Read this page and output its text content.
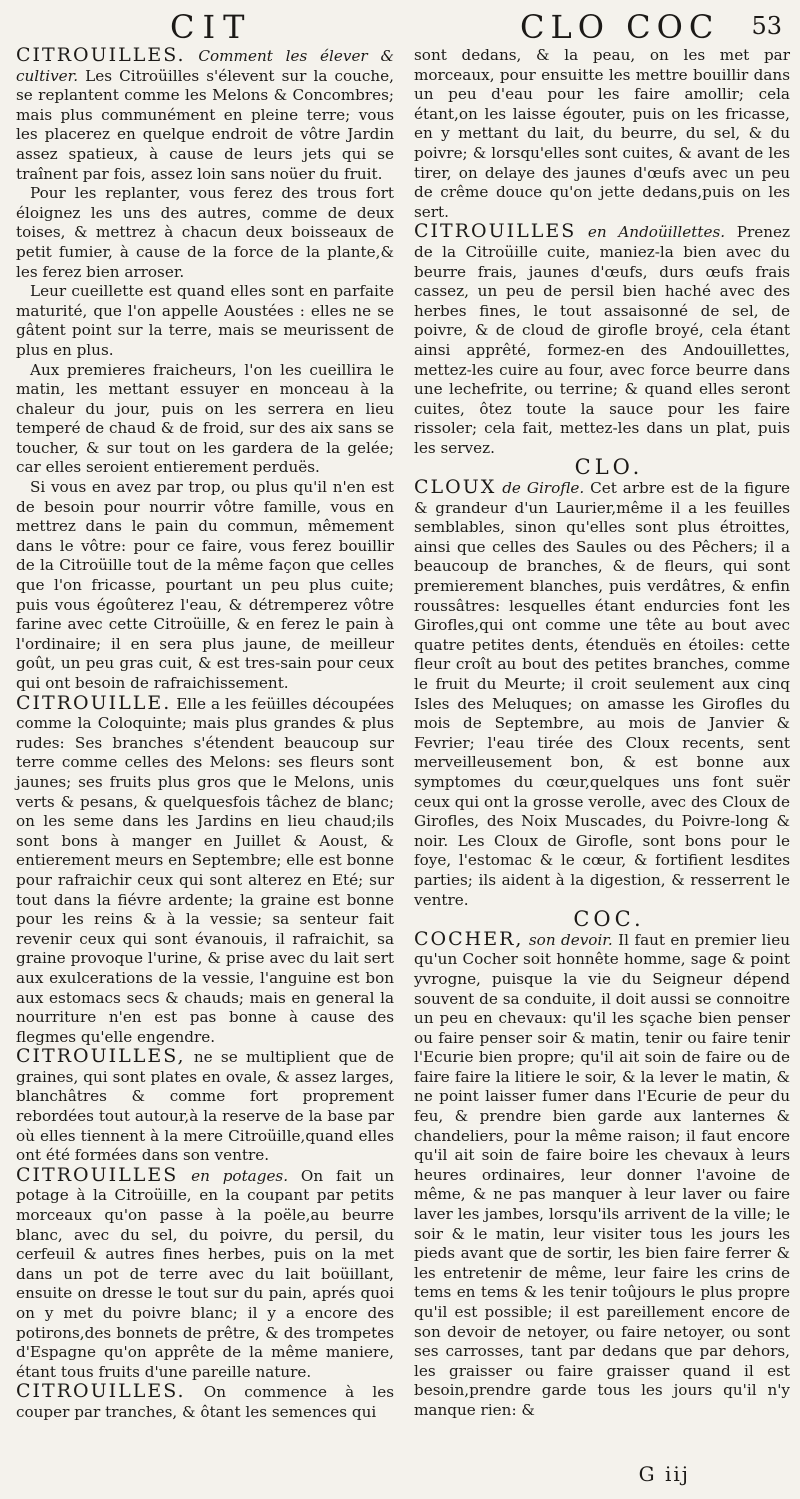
CIT	CLO COC 53

CITROUILLES. Comment les élever & cultiver. Les Citroüilles s'élevent sur la couche, se replantent comme les Melons & Concombres; mais plus communément en pleine terre; vous les placerez en quelque endroit de vôtre Jardin assez spatieux, à cause de leurs jets qui se traînent par fois, assez loin sans noüer du fruit.

Pour les replanter, vous ferez des trous fort éloignez les uns des autres, comme de deux toises, & mettrez à chacun deux boisseaux de petit fumier, à cause de la force de la plante,& les ferez bien arroser.

Leur cueillette est quand elles sont en parfaite maturité, que l'on appelle Aoustées : elles ne se gâtent point sur la terre, mais se meurissent de plus en plus.

Aux premieres fraicheurs, l'on les cueillira le matin, les mettant essuyer en monceau à la chaleur du jour, puis on les serrera en lieu temperé de chaud & de froid, sur des aix sans se toucher, & sur tout on les gardera de la gelée; car elles seroient entierement perduës.

Si vous en avez par trop, ou plus qu'il n'en est de besoin pour nourrir vôtre famille, vous en mettrez dans le pain du commun, mêmement dans le vôtre: pour ce faire, vous ferez bouillir de la Citroüille tout de la même façon que celles que l'on fricasse, pourtant un peu plus cuite; puis vous égoûterez l'eau, & détremperez vôtre farine avec cette Citroüille, & en ferez le pain à l'ordinaire; il en sera plus jaune, de meilleur goût, un peu gras cuit, & est tres-sain pour ceux qui ont besoin de rafraichissement.

CITROUILLE. Elle a les feüilles découpées comme la Coloquinte; mais plus grandes & plus rudes: Ses branches s'étendent beaucoup sur terre comme celles des Melons: ses fleurs sont jaunes; ses fruits plus gros que le Melons, unis verts & pesans, & quelquesfois tâchez de blanc; on les seme dans les Jardins en lieu chaud;ils sont bons à manger en Juillet & Aoust, & entierement meurs en Septembre; elle est bonne pour rafraichir ceux qui sont alterez en Eté; sur tout dans la fiévre ardente; la graine est bonne pour les reins & à la vessie; sa senteur fait revenir ceux qui sont évanouis, il rafraichit, sa graine provoque l'urine, & prise avec du lait sert aux exulcerations de la vessie, l'anguine est bon aux estomacs secs & chauds; mais en general la nourriture n'en est pas bonne à cause des flegmes qu'elle engendre.

CITROUILLES, ne se multiplient que de graines, qui sont plates en ovale, & assez larges, blanchâtres & comme fort proprement rebordées tout autour,à la reserve de la base par où elles tiennent à la mere Citroüille,quand elles ont été formées dans son ventre.

CITROUILLES en potages. On fait un potage à la Citroüille, en la coupant par petits morceaux qu'on passe à la poële,au beurre blanc, avec du sel, du poivre, du persil, du cerfeuil & autres fines herbes, puis on la met dans un pot de terre avec du lait boüillant, ensuite on dresse le tout sur du pain, aprés quoi on y met du poivre blanc; il y a encore des potirons,des bonnets de prêtre, & des trompetes d'Espagne qu'on apprête de la même maniere, étant tous fruits d'une pareille nature.

CITROUILLES. On commence à les couper par tranches, & ôtant les semences qui

sont dedans, & la peau, on les met par morceaux, pour ensuitte les mettre bouillir dans un peu d'eau pour les faire amollir; cela étant,on les laisse égouter, puis on les fricasse, en y mettant du lait, du beurre, du sel, & du poivre; & lorsqu'elles sont cuites, & avant de les tirer, on delaye des jaunes d'œufs avec un peu de crême douce qu'on jette dedans,puis on les sert.

CITROUILLES en Andoüillettes. Prenez de la Citroüille cuite, maniez-la bien avec du beurre frais, jaunes d'œufs, durs œufs frais cassez, un peu de persil bien haché avec des herbes fines, le tout assaisonné de sel, de poivre, & de cloud de girofle broyé, cela étant ainsi apprêté, formez-en des Andouillettes, mettez-les cuire au four, avec force beurre dans une lechefrite, ou terrine; & quand elles seront cuites, ôtez toute la sauce pour les faire rissoler; cela fait, mettez-les dans un plat, puis les servez.

CLO.

CLOUX de Girofle. Cet arbre est de la figure & grandeur d'un Laurier,même il a les feuilles semblables, sinon qu'elles sont plus étroittes, ainsi que celles des Saules ou des Pêchers; il a beaucoup de branches, & de fleurs, qui sont premierement blanches, puis verdâtres, & enfin roussâtres: lesquelles étant endurcies font les Girofles,qui ont comme une tête au bout avec quatre petites dents, étenduës en étoiles: cette fleur croît au bout des petites branches, comme le fruit du Meurte; il croit seulement aux cinq Isles des Meluques; on amasse les Girofles du mois de Septembre, au mois de Janvier & Fevrier; l'eau tirée des Cloux recents, sent merveilleusement bon, & est bonne aux symptomes du cœur,quelques uns font suër ceux qui ont la grosse verolle, avec des Cloux de Girofles, des Noix Muscades, du Poivre-long & noir. Les Cloux de Girofle, sont bons pour le foye, l'estomac & le cœur, & fortifient lesdites parties; ils aident à la digestion, & resserrent le ventre.

COC.

COCHER, son devoir. Il faut en premier lieu qu'un Cocher soit honnête homme, sage & point yvrogne, puisque la vie du Seigneur dépend souvent de sa conduite, il doit aussi se connoitre un peu en chevaux: qu'il les sçache bien penser ou faire penser soir & matin, tenir ou faire tenir l'Ecurie bien propre; qu'il ait soin de faire ou de faire faire la litiere le soir, & la lever le matin, & ne point laisser fumer dans l'Ecurie de peur du feu, & prendre bien garde aux lanternes & chandeliers, pour la même raison; il faut encore qu'il ait soin de faire boire les chevaux à leurs heures ordinaires, leur donner l'avoine de même, & ne pas manquer à leur laver ou faire laver les jambes, lorsqu'ils arrivent de la ville; le soir & le matin, leur visiter tous les jours les pieds avant que de sortir, les bien faire ferrer & les entretenir de même, leur faire les crins de tems en tems & les tenir toûjours le plus propre qu'il est possible; il est pareillement encore de son devoir de netoyer, ou faire netoyer, ou sont ses carrosses, tant par dedans que par dehors, les graisser ou faire graisser quand il est besoin,prendre garde tous les jours qu'il n'y manque rien: &

G iij
